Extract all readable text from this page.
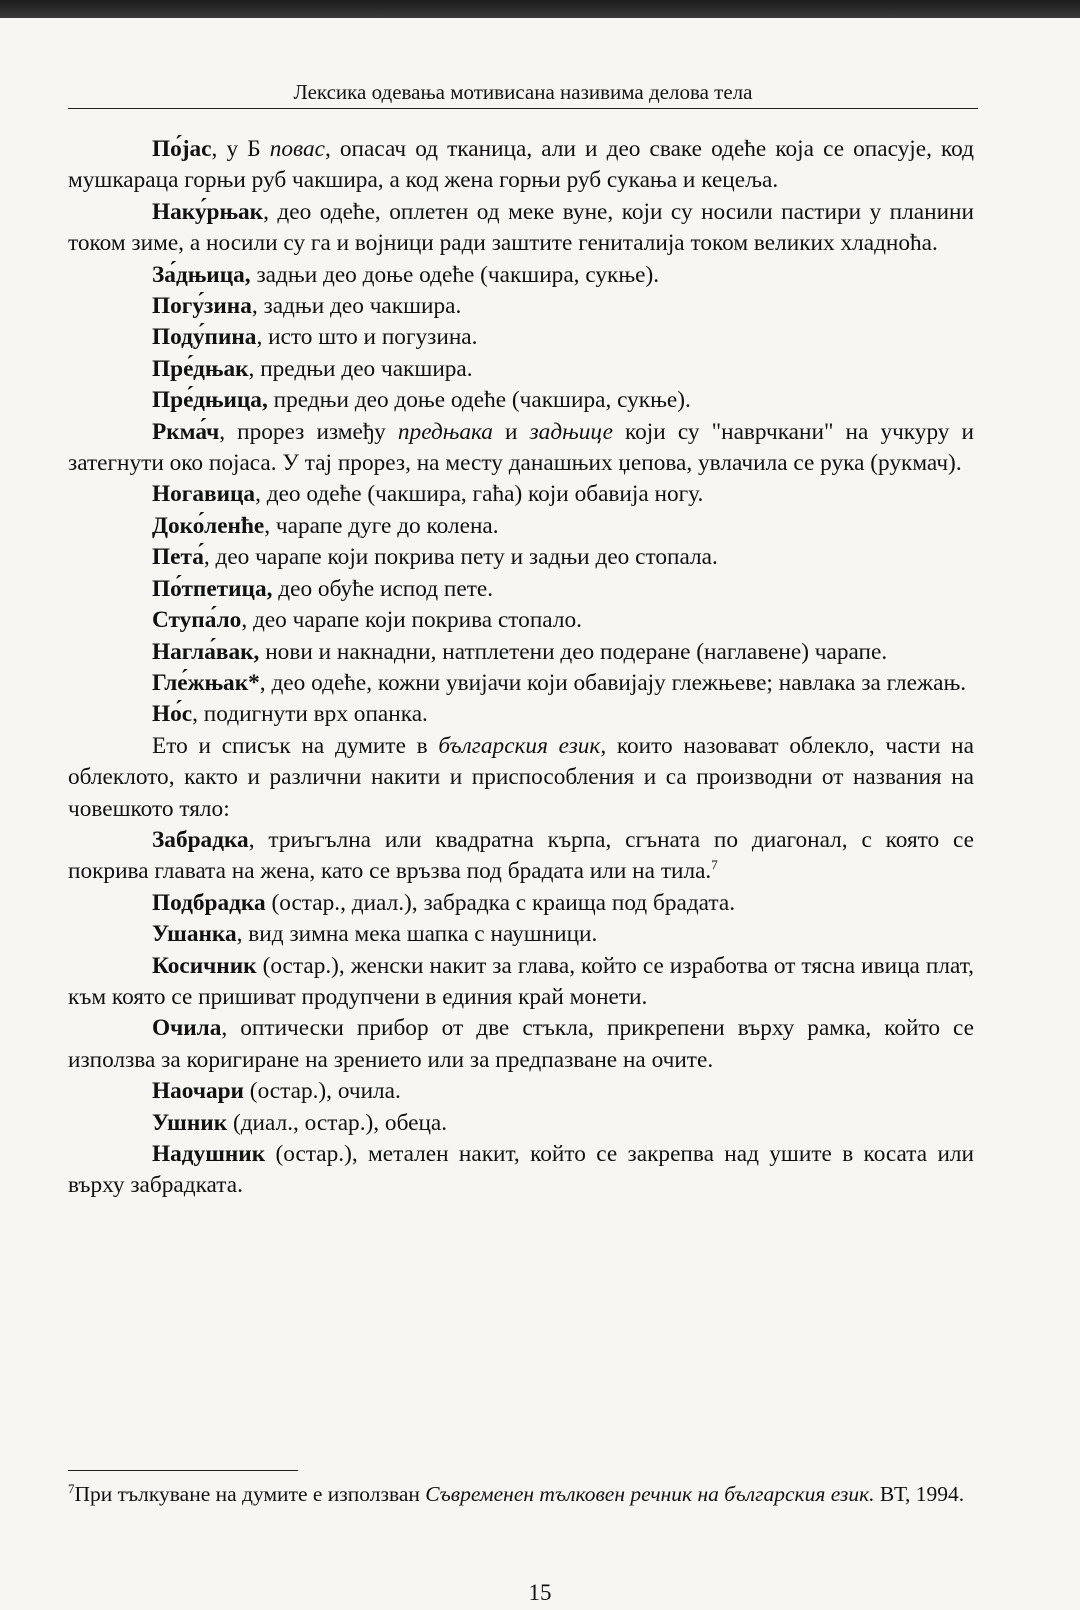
Лексика одевања мотивисана називима делова тела

По́јас, у Б повас, опасач од тканица, али и део сваке одеће која се опасује, код мушкараца горњи руб чакшира, а код жена горњи руб сукања и кецеља.

Наку́рњак, део одеће, оплетен од меке вуне, који су носили пастири у планини током зиме, а носили су га и војници ради заштите гениталија током великих хладноћа.

За́дњица, задњи део доње одеће (чакшира, сукње).

Погу́зина, задњи део чакшира.

Поду́пина, исто што и погузина.

Пре́дњак, предњи део чакшира.

Пре́дњица, предњи део доње одеће (чакшира, сукње).

Ркма́ч, прорез између предњака и задњице који су "наврчкани" на учкуру и затегнути око појаса. У тај прорез, на месту данашњих џепова, увлачила се рука (рукмач).

Ногавица, део одеће (чакшира, гаћа) који обавија ногу.

Доко́ленће, чарапе дуге до колена.

Пета́, део чарапе који покрива пету и задњи део стопала.

По́тпетица, део обуће испод пете.

Ступа́ло, део чарапе који покрива стопало.

Нагла́вак, нови и накнадни, натплетени део подеране (наглавене) чарапе.

Гле́жњак*, део одеће, кожни увијачи који обавијају глежњеве; навлака за глежањ.

Но́с, подигнути врх опанка.

Ето и списък на думите в българския език, които назовават облекло, части на облеклото, както и различни накити и приспособления и са производни от названия на човешкото тяло:

Забрадка, триъгълна или квадратна кърпа, сгъната по диагонал, с която се покрива главата на жена, като се връзва под брадата или на тила.$^7$

Подбрадка (остар., диал.), забрадка с краища под брадата.

Ушанка, вид зимна мека шапка с наушници.

Косичник (остар.), женски накит за глава, който се изработва от тясна ивица плат, към която се пришиват продупчени в единия край монети.

Очила, оптически прибор от две стъкла, прикрепени върху рамка, който се използва за коригиране на зрението или за предпазване на очите.

Наочари (остар.), очила.

Ушник (диал., остар.), обеца.

Надушник (остар.), метален накит, който се закрепва над ушите в косата или върху забрадката.

$^7$При тълкуване на думите е използван Съвременен тълковен речник на българския език. ВТ, 1994.
15
